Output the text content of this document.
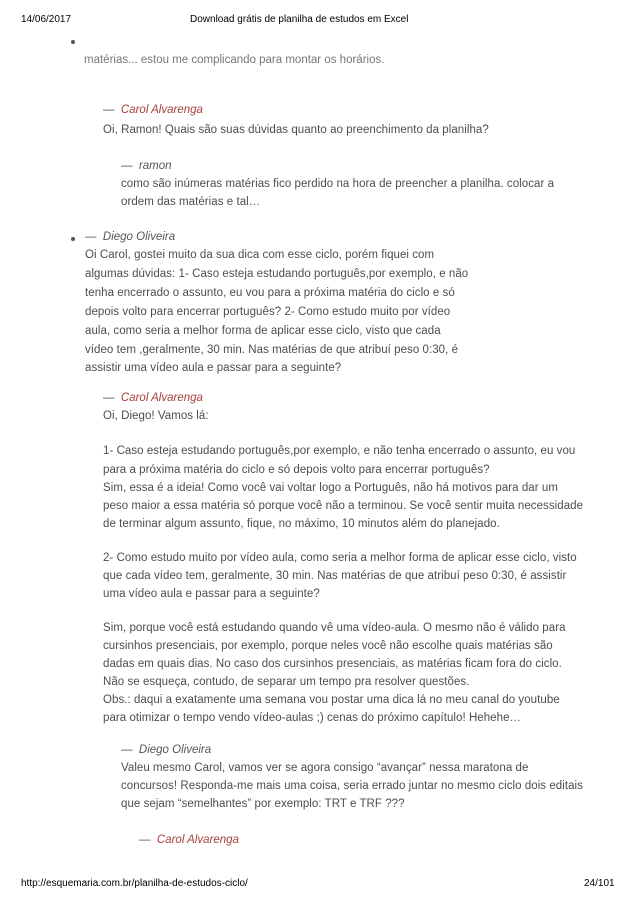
14/06/2017	Download grátis de planilha de estudos em Excel
matérias... estou me complicando para montar os horários.
— Carol Alvarenga
Oi, Ramon! Quais são suas dúvidas quanto ao preenchimento da planilha?
— ramon
como são inúmeras matérias fico perdido na hora de preencher a planilha. colocar a
ordem das matérias e tal…
— Diego Oliveira
Oi Carol, gostei muito da sua dica com esse ciclo, porém fiquei com
algumas dúvidas: 1- Caso esteja estudando português,por exemplo, e não
tenha encerrado o assunto, eu vou para a próxima matéria do ciclo e só
depois volto para encerrar português? 2- Como estudo muito por vídeo
aula, como seria a melhor forma de aplicar esse ciclo, visto que cada
vídeo tem ,geralmente, 30 min. Nas matérias de que atribuí peso 0:30, é
assistir uma vídeo aula e passar para a seguinte?
— Carol Alvarenga
Oi, Diego! Vamos lá:
1- Caso esteja estudando português,por exemplo, e não tenha encerrado o assunto, eu vou
para a próxima matéria do ciclo e só depois volto para encerrar português?
Sim, essa é a ideia! Como você vai voltar logo a Português, não há motivos para dar um
peso maior a essa matéria só porque você não a terminou. Se você sentir muita necessidade
de terminar algum assunto, fique, no máximo, 10 minutos além do planejado.
2- Como estudo muito por vídeo aula, como seria a melhor forma de aplicar esse ciclo, visto
que cada vídeo tem, geralmente, 30 min. Nas matérias de que atribuí peso 0:30, é assistir
uma vídeo aula e passar para a seguinte?
Sim, porque você está estudando quando vê uma vídeo-aula. O mesmo não é válido para
cursinhos presenciais, por exemplo, porque neles você não escolhe quais matérias são
dadas em quais dias. No caso dos cursinhos presenciais, as matérias ficam fora do ciclo.
Não se esqueça, contudo, de separar um tempo pra resolver questões.
Obs.: daqui a exatamente uma semana vou postar uma dica lá no meu canal do youtube
para otimizar o tempo vendo vídeo-aulas ;) cenas do próximo capítulo! Hehehe…
— Diego Oliveira
Valeu mesmo Carol, vamos ver se agora consigo “avançar” nessa maratona de
concursos! Responda-me mais uma coisa, seria errado juntar no mesmo ciclo dois editais
que sejam “semelhantes” por exemplo: TRT e TRF ???
— Carol Alvarenga
http://esquemaria.com.br/planilha-de-estudos-ciclo/	24/101
